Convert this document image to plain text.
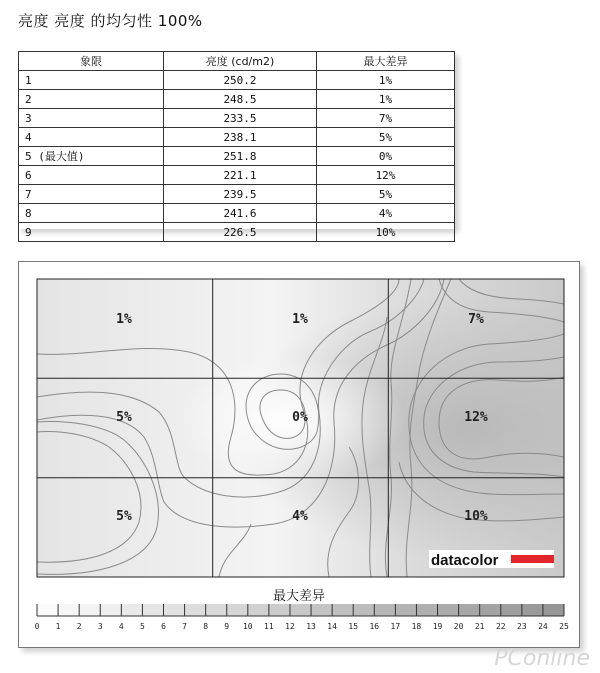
亮度 亮度 的均匀性 100%
象限	亮度 (cd/m2)	最大差异
1	250.2	1%
2	248.5	1%
3	233.5	7%
4	238.1	5%
5 (最大值)	251.8	0%
6	221.1	12%
7	239.5	5%
8	241.6	4%
9	226.5	10%
1%	1%	7%
5%	0%	12%
5%	4%	10%
datacolor
0 1 2 3 4 5 6 7 8 9 10 11 12 13 14 15 16 17 18 19 20 21 22 23 24 25
最大差异
PConline
